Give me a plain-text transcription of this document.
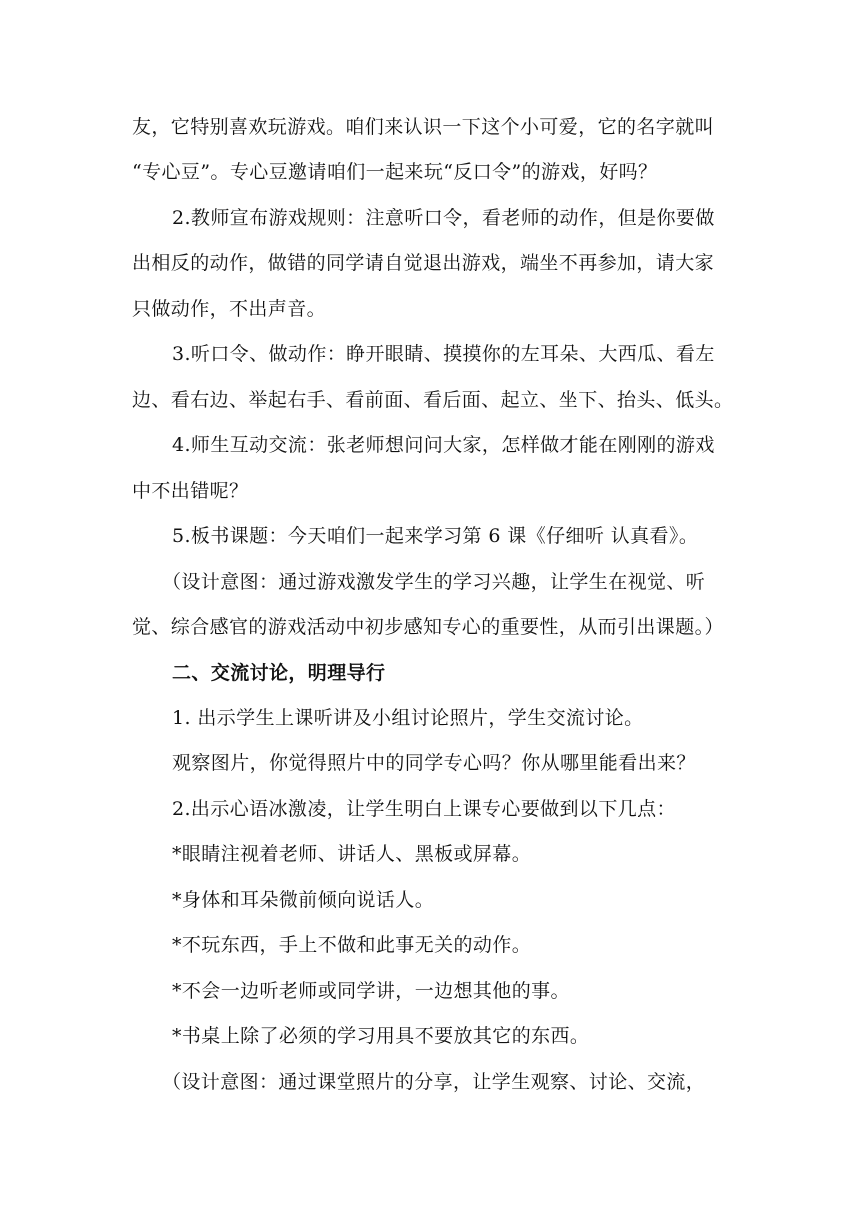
友，它特别喜欢玩游戏。咱们来认识一下这个小可爱，它的名字就叫
“专心豆”。专心豆邀请咱们一起来玩“反口令”的游戏，好吗？
2.教师宣布游戏规则：注意听口令，看老师的动作，但是你要做
出相反的动作，做错的同学请自觉退出游戏，端坐不再参加，请大家
只做动作，不出声音。
3.听口令、做动作：睁开眼睛、摸摸你的左耳朵、大西瓜、看左
边、看右边、举起右手、看前面、看后面、起立、坐下、抬头、低头。
4.师生互动交流：张老师想问问大家，怎样做才能在刚刚的游戏
中不出错呢？
5.板书课题：今天咱们一起来学习第 6 课《仔细听 认真看》。
（设计意图：通过游戏激发学生的学习兴趣，让学生在视觉、听
觉、综合感官的游戏活动中初步感知专心的重要性，从而引出课题。）
二、交流讨论，明理导行
1. 出示学生上课听讲及小组讨论照片，学生交流讨论。
观察图片，你觉得照片中的同学专心吗？你从哪里能看出来？
2.出示心语冰激凌，让学生明白上课专心要做到以下几点：
*眼睛注视着老师、讲话人、黑板或屏幕。
*身体和耳朵微前倾向说话人。
*不玩东西，手上不做和此事无关的动作。
*不会一边听老师或同学讲，一边想其他的事。
*书桌上除了必须的学习用具不要放其它的东西。
（设计意图：通过课堂照片的分享，让学生观察、讨论、交流，
